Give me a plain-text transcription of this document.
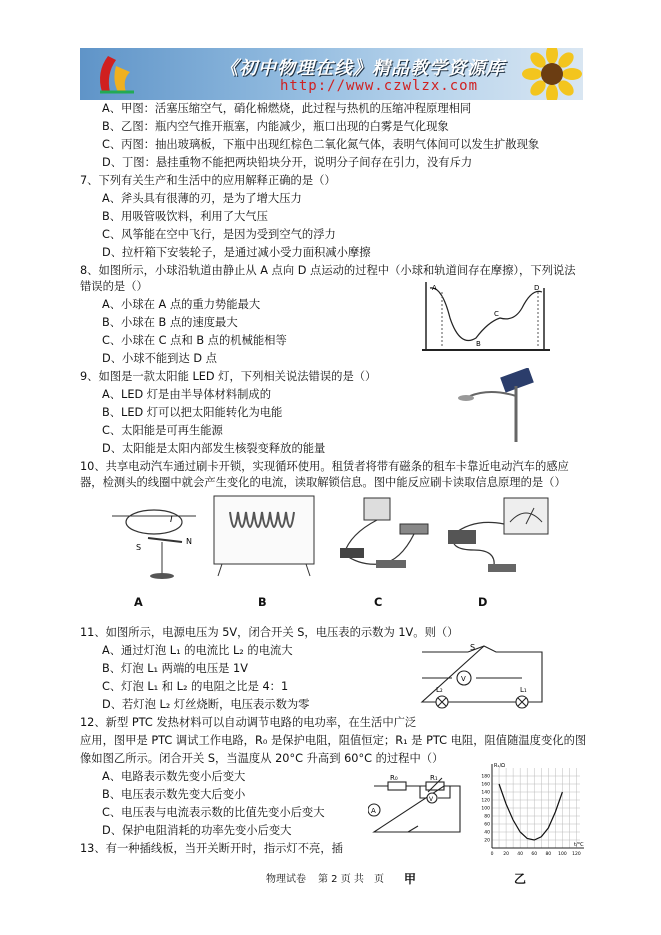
《初中物理在线》精品教学资源库
http://www.czwlzx.com
A、甲图：活塞压缩空气，硝化棉燃烧，此过程与热机的压缩冲程原理相同
B、乙图：瓶内空气推开瓶塞，内能减少，瓶口出现的白雾是气化现象
C、丙图：抽出玻璃板，下瓶中出现红棕色二氧化氮气体，表明气体间可以发生扩散现象
D、丁图：悬挂重物不能把两块铅块分开，说明分子间存在引力，没有斥力
7、下列有关生产和生活中的应用解释正确的是（）
A、斧头具有很薄的刃，是为了增大压力
B、用吸管吸饮料，利用了大气压
C、风筝能在空中飞行，是因为受到空气的浮力
D、拉杆箱下安装轮子，是通过减小受力面积减小摩擦
8、如图所示，小球沿轨道由静止从 A 点向 D 点运动的过程中（小球和轨道间存在摩擦），下列说法
错误的是（）
A、小球在 A 点的重力势能最大
B、小球在 B 点的速度最大
C、小球在 C 点和 B 点的机械能相等
D、小球不能到达 D 点
9、如图是一款太阳能 LED 灯，下列相关说法错误的是（）
A、LED 灯是由半导体材料制成的
B、LED 灯可以把太阳能转化为电能
C、太阳能是可再生能源
D、太阳能是太阳内部发生核裂变释放的能量
10、共享电动汽车通过刷卡开锁，实现循环使用。租赁者将带有磁条的租车卡靠近电动汽车的感应
器，检测头的线圈中就会产生变化的电流，读取解锁信息。图中能反应刷卡读取信息原理的是（）
11、如图所示，电源电压为 5V，闭合开关 S，电压表的示数为 1V。则（）
A、通过灯泡 L₁ 的电流比 L₂ 的电流大
B、灯泡 L₁ 两端的电压是 1V
C、灯泡 L₁ 和 L₂ 的电阻之比是 4：1
D、若灯泡 L₂ 灯丝烧断，电压表示数为零
12、新型 PTC 发热材料可以自动调节电路的电功率，在生活中广泛
应用，图甲是 PTC 调试工作电路，R₀ 是保护电阻，阻值恒定；R₁ 是 PTC 电阻，阻值随温度变化的图
像如图乙所示。闭合开关 S，当温度从 20°C 升高到 60°C 的过程中（）
A、电路表示数先变小后变大
B、电压表示数先变大后变小
C、电压表与电流表示数的比值先变小后变大
D、保护电阻消耗的功率先变小后变大
13、有一种插线板，当开关断开时，指示灯不亮，插
A
B
C
D
I
S
N
A	B	C	D
S
V
L₂	L₁
R₀	R₁
A
V
0 20 40 60 80 100 120
20
40
60
80
100
120
140
160
180
R₁/Ω
t/°C
物理试卷 第 2 页 共 页 甲	乙
